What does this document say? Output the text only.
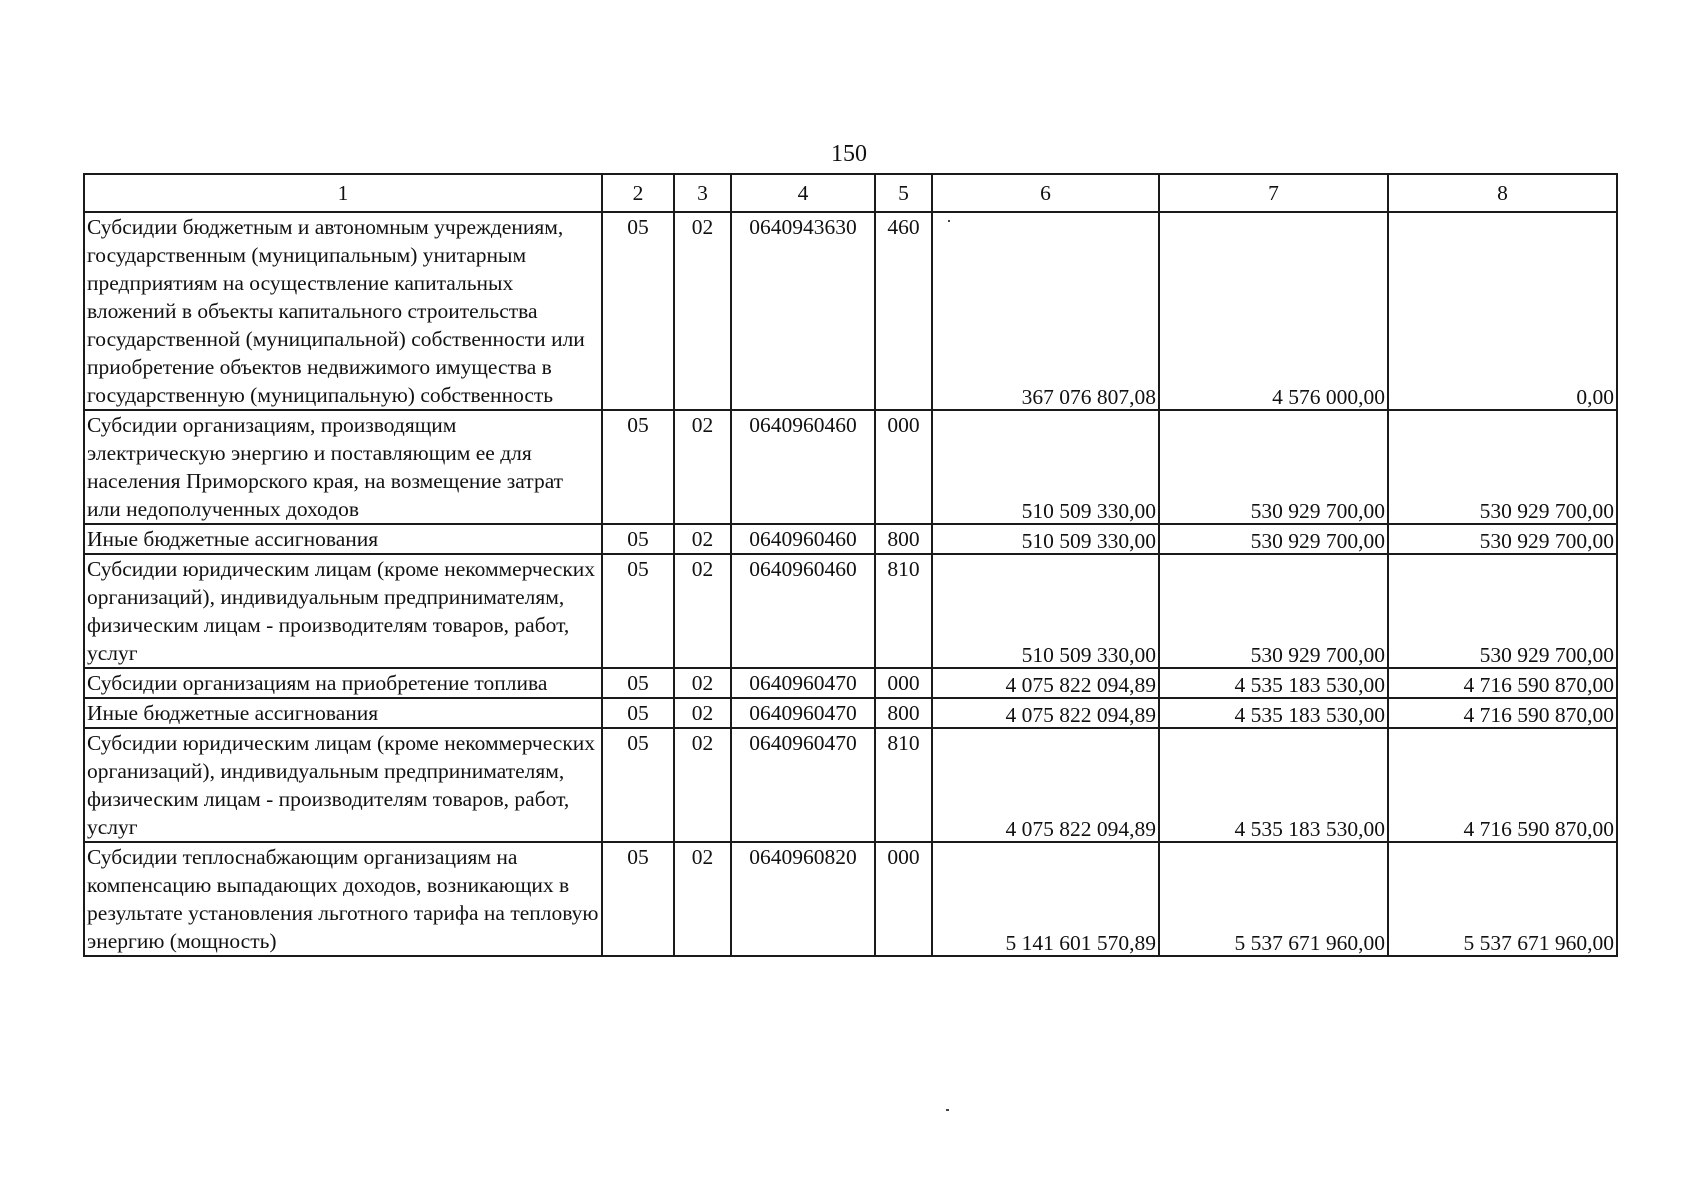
150
1	2	3	4	5	6	7	8
Субсидии бюджетным и автономным учреждениям, государственным (муниципальным) унитарным предприятиям на осуществление капитальных вложений в объекты капитального строительства государственной (муниципальной) собственности или приобретение объектов недвижимого имущества в государственную (муниципальную) собственность	05	02	0640943630	460	367 076 807,08	4 576 000,00	0,00
Субсидии организациям, производящим электрическую энергию и поставляющим ее для населения Приморского края, на возмещение затрат или недополученных доходов	05	02	0640960460	000	510 509 330,00	530 929 700,00	530 929 700,00
Иные бюджетные ассигнования	05	02	0640960460	800	510 509 330,00	530 929 700,00	530 929 700,00
Субсидии юридическим лицам (кроме некоммерческих организаций), индивидуальным предпринимателям, физическим лицам - производителям товаров, работ, услуг	05	02	0640960460	810	510 509 330,00	530 929 700,00	530 929 700,00
Субсидии организациям на приобретение топлива	05	02	0640960470	000	4 075 822 094,89	4 535 183 530,00	4 716 590 870,00
Иные бюджетные ассигнования	05	02	0640960470	800	4 075 822 094,89	4 535 183 530,00	4 716 590 870,00
Субсидии юридическим лицам (кроме некоммерческих организаций), индивидуальным предпринимателям, физическим лицам - производителям товаров, работ, услуг	05	02	0640960470	810	4 075 822 094,89	4 535 183 530,00	4 716 590 870,00
Субсидии теплоснабжающим организациям на компенсацию выпадающих доходов, возникающих в результате установления льготного тарифа на тепловую энергию (мощность)	05	02	0640960820	000	5 141 601 570,89	5 537 671 960,00	5 537 671 960,00
